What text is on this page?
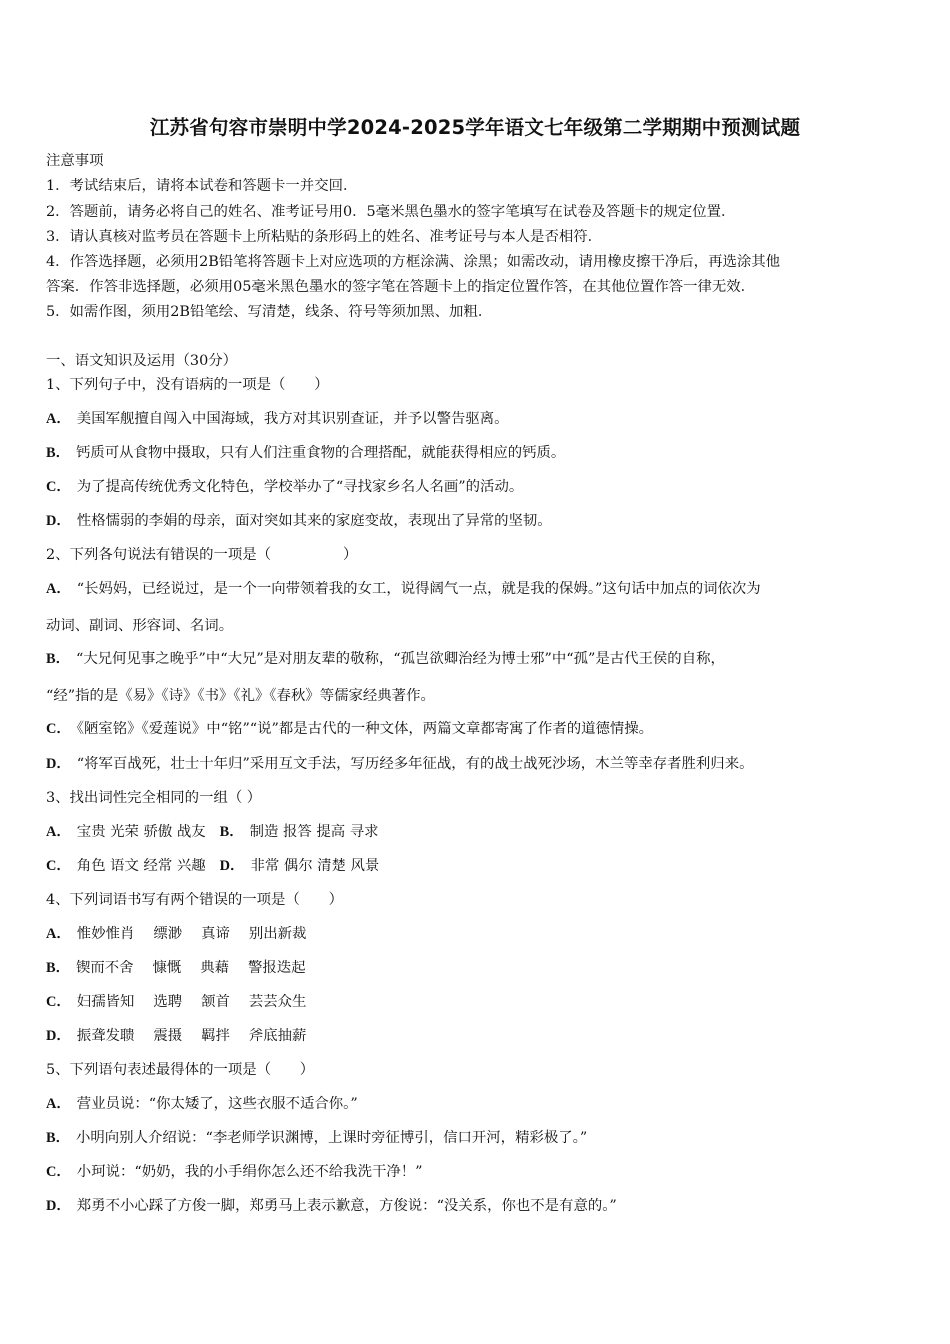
江苏省句容市崇明中学2024-2025学年语文七年级第二学期期中预测试题
注意事项
1．考试结束后，请将本试卷和答题卡一并交回．
2．答题前，请务必将自己的姓名、准考证号用0．5毫米黑色墨水的签字笔填写在试卷及答题卡的规定位置．
3．请认真核对监考员在答题卡上所粘贴的条形码上的姓名、准考证号与本人是否相符．
4．作答选择题，必须用2B铅笔将答题卡上对应选项的方框涂满、涂黑；如需改动，请用橡皮擦干净后，再选涂其他
答案．作答非选择题，必须用05毫米黑色墨水的签字笔在答题卡上的指定位置作答，在其他位置作答一律无效．
5．如需作图，须用2B铅笔绘、写清楚，线条、符号等须加黑、加粗．
一、语文知识及运用（30分）
1、下列句子中，没有语病的一项是（　　）
A． 美国军舰擅自闯入中国海域，我方对其识别查证，并予以警告驱离。
B． 钙质可从食物中摄取，只有人们注重食物的合理搭配，就能获得相应的钙质。
C． 为了提高传统优秀文化特色，学校举办了“寻找家乡名人名画”的活动。
D． 性格懦弱的李娟的母亲，面对突如其来的家庭变故，表现出了异常的坚韧。
2、下列各句说法有错误的一项是（　　　　　）
A． “长妈妈，已经说过，是一个一向带领着我的女工，说得阔气一点，就是我的保姆。”这句话中加点的词依次为
动词、副词、形容词、名词。
B． “大兄何见事之晚乎”中“大兄”是对朋友辈的敬称，“孤岂欲卿治经为博士邪”中“孤”是古代王侯的自称，
“经”指的是《易》《诗》《书》《礼》《春秋》等儒家经典著作。
C． 《陋室铭》《爱莲说》中“铭”“说”都是古代的一种文体，两篇文章都寄寓了作者的道德情操。
D． “将军百战死，壮士十年归”采用互文手法，写历经多年征战，有的战士战死沙场，木兰等幸存者胜利归来。
3、找出词性完全相同的一组（ ）
A． 宝贵 光荣 骄傲 战友 B． 制造 报答 提高 寻求
C． 角色 语文 经常 兴趣 D． 非常 偶尔 清楚 风景
4、下列词语书写有两个错误的一项是（　　）
A． 惟妙惟肖　 缥渺　 真谛　 别出新裁
B． 锲而不舍　 慷慨　 典藉　 警报迭起
C． 妇孺皆知　 选聘　 颔首　 芸芸众生
D． 振聋发聩　 震摄　 羁拌　 斧底抽薪
5、下列语句表述最得体的一项是（　　）
A． 营业员说：“你太矮了，这些衣服不适合你。”
B． 小明向别人介绍说：“李老师学识渊博，上课时旁征博引，信口开河，精彩极了。”
C． 小珂说：“奶奶，我的小手绢你怎么还不给我洗干净！”
D． 郑勇不小心踩了方俊一脚，郑勇马上表示歉意，方俊说：“没关系，你也不是有意的。”
